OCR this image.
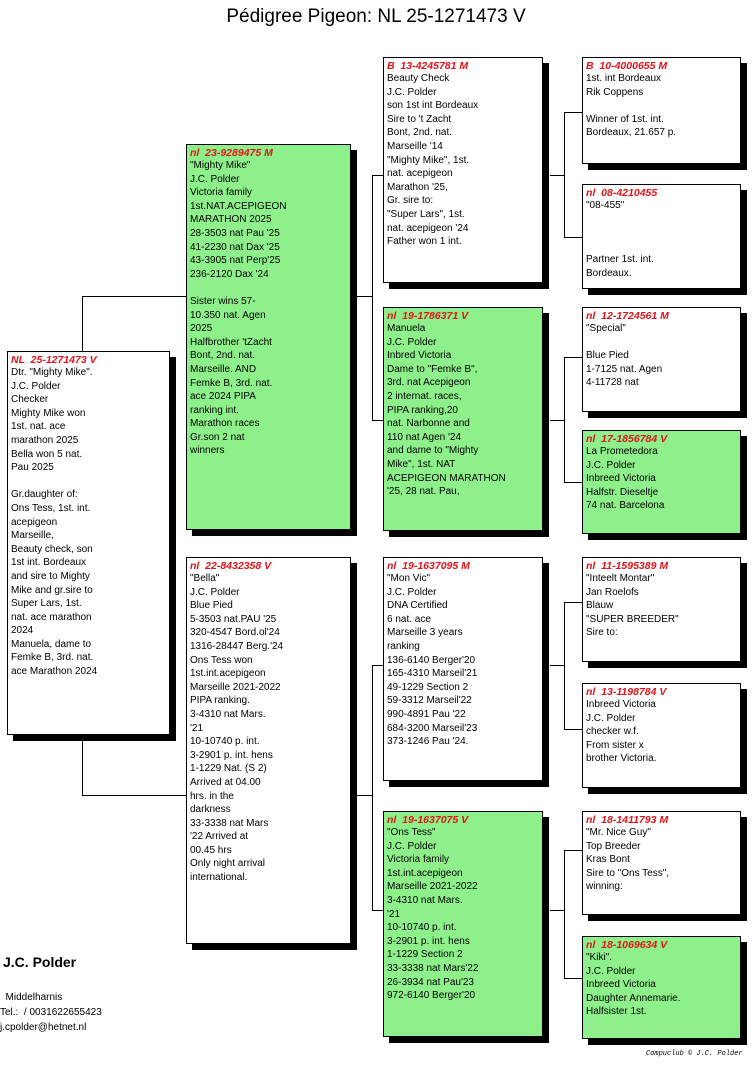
Pédigree Pigeon: NL 25-1271473 V
NL  25-1271473 V
Dtr. "Mighty Mike".
J.C. Polder
Checker
Mighty Mike won
1st. nat. ace
marathon 2025
Bella won 5 nat.
Pau 2025

Gr.daughter of:
Ons Tess, 1st. int.
acepigeon
Marseille,
Beauty check, son
1st int. Bordeaux
and sire to Mighty
Mike and gr.sire to
Super Lars, 1st.
nat. ace marathon
2024
Manuela, dame to
Femke B, 3rd. nat.
ace Marathon 2024
nl  23-9289475 M
"Mighty Mike"
J.C. Polder
Victoria family
1st.NAT.ACEPIGEON
MARATHON 2025
28-3503 nat Pau '25
41-2230 nat Dax '25
43-3905 nat Perp'25
236-2120 Dax '24

Sister wins 57-
10.350 nat. Agen
2025
Halfbrother 'tZacht
Bont, 2nd. nat.
Marseille. AND
Femke B, 3rd. nat.
ace 2024 PIPA
ranking int.
Marathon races
Gr.son 2 nat
winners
nl  22-8432358 V
"Bella"
J.C. Polder
Blue Pied
5-3503 nat.PAU '25
320-4547 Bord.ol'24
1316-28447 Berg.'24
Ons Tess won
1st.int.acepigeon
Marseille 2021-2022
PIPA ranking.
3-4310 nat Mars.
'21
10-10740 p. int.
3-2901 p. int. hens
1-1229 Nat. (S 2)
Arrived at 04.00
hrs. in the
darkness
33-3338 nat Mars
'22 Arrived at
00.45 hrs
Only night arrival
international.
B  13-4245781 M
Beauty Check
J.C. Polder
son 1st int Bordeaux
Sire to 't Zacht
Bont, 2nd. nat.
Marseille '14
"Mighty Mike", 1st.
nat. acepigeon
Marathon '25,
Gr. sire to:
"Super Lars", 1st.
nat. acepigeon '24
Father won 1 int.
nl  19-1786371 V
Manuela
J.C. Polder
Inbred Victoria
Dame to "Femke B",
3rd. nat Acepigeon
2 internat. races,
PIPA ranking,20
nat. Narbonne and
110 nat Agen '24
and dame to "Mighty
Mike", 1st. NAT
ACEPIGEON MARATHON
'25, 28 nat. Pau,
nl  19-1637095 M
"Mon Vic"
J.C. Polder
DNA Certified
6 nat. ace
Marseille 3 years
ranking
136-6140 Berger'20
165-4310 Marseil'21
49-1229 Section 2
59-3312 Marseil'22
990-4891 Pau '22
684-3200 Marseil'23
373-1246 Pau '24.
nl  19-1637075 V
"Ons Tess"
J.C. Polder
Victoria family
1st.int.acepigeon
Marseille 2021-2022
3-4310 nat Mars.
'21
10-10740 p. int.
3-2901 p. int. hens
1-1229 Section 2
33-3338 nat Mars'22
26-3934 nat Pau'23
972-6140 Berger'20
B  10-4000655 M
1st. int Bordeaux
Rik Coppens

Winner of 1st. int.
Bordeaux, 21.657 p.
nl  08-4210455
"08-455"

Partner 1st. int.
Bordeaux.
nl  12-1724561 M
"Special"

Blue Pied
1-7125 nat. Agen
4-11728 nat
nl  17-1856784 V
La Prometedora
J.C. Polder
Inbreed Victoria
Halfstr. Dieseltje
74 nat. Barcelona
nl  11-1595389 M
"Inteelt Montar"
Jan Roelofs
Blauw
"SUPER BREEDER"
Sire to:
nl  13-1198784 V
Inbreed Victoria
J.C. Polder
checker w.f.
From sister x
brother Victoria.
nl  18-1411793 M
"Mr. Nice Guy"
Top Breeder
Kras Bont
Sire to "Ons Tess",
winning:
nl  18-1069634 V
"Kiki".
J.C. Polder
Inbreed Victoria
Daughter Annemarie.
Halfsister 1st.
J.C. Polder
Middelharnis
Tel.:  / 0031622655423
j.cpolder@hetnet.nl
Compuclub © J.C. Polder
